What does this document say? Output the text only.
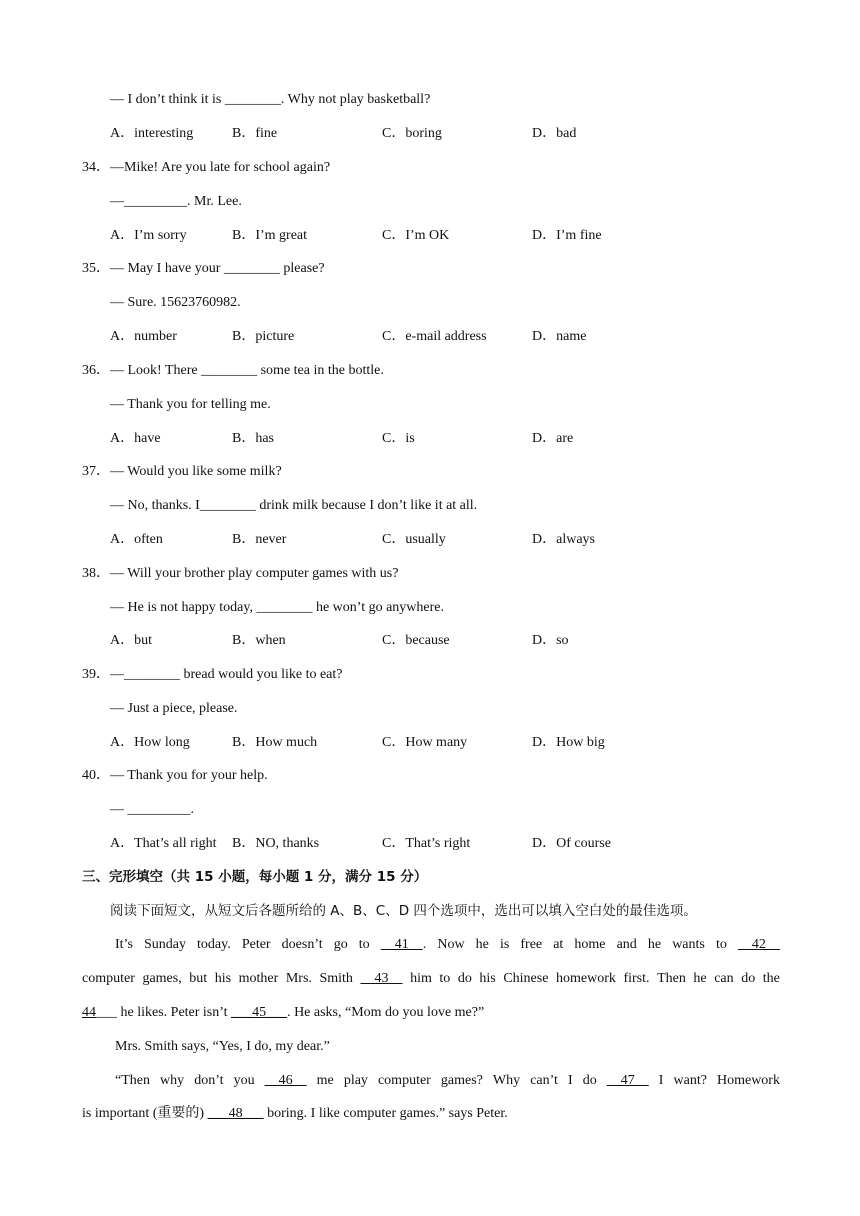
— I don’t think it is ________. Why not play basketball?
A．interesting	B．fine	C．boring	D．bad
34．—Mike! Are you late for school again?
—_________. Mr. Lee.
A．I’m sorry	B．I’m great	C．I’m OK	D．I’m fine
35．— May I have your ________ please?
— Sure. 15623760982.
A．number	B．picture	C．e-mail address	D．name
36．— Look! There ________ some tea in the bottle.
— Thank you for telling me.
A．have	B．has	C．is	D．are
37．— Would you like some milk?
— No, thanks. I________ drink milk because I don’t like it at all.
A．often	B．never	C．usually	D．always
38．— Will your brother play computer games with us?
— He is not happy today, ________ he won’t go anywhere.
A．but	B．when	C．because	D．so
39．—________ bread would you like to eat?
— Just a piece, please.
A．How long	B．How much	C．How many	D．How big
40．— Thank you for your help.
— _________.
A．That’s all right B．NO, thanks	C．That’s right	D．Of course
三、完形填空（共 15 小题，每小题 1 分，满分 15 分）
阅读下面短文，从短文后各题所给的 A、B、C、D 四个选项中，选出可以填入空白处的最佳选项。
It’s Sunday today. Peter doesn’t go to 41    . Now he is free at home and he wants to 42
computer games, but his mother Mrs. Smith 43 him to do his Chinese homework first. Then he can do the
44___ he likes. Peter isn’t ___45___. He asks, “Mom do you love me?”
Mrs. Smith says, “Yes, I do, my dear.”
“Then why don’t you 46 me play computer games? Why can’t I do 47 I want? Homework
is important (重要的) ___48___ boring. I like computer games.” says Peter.
